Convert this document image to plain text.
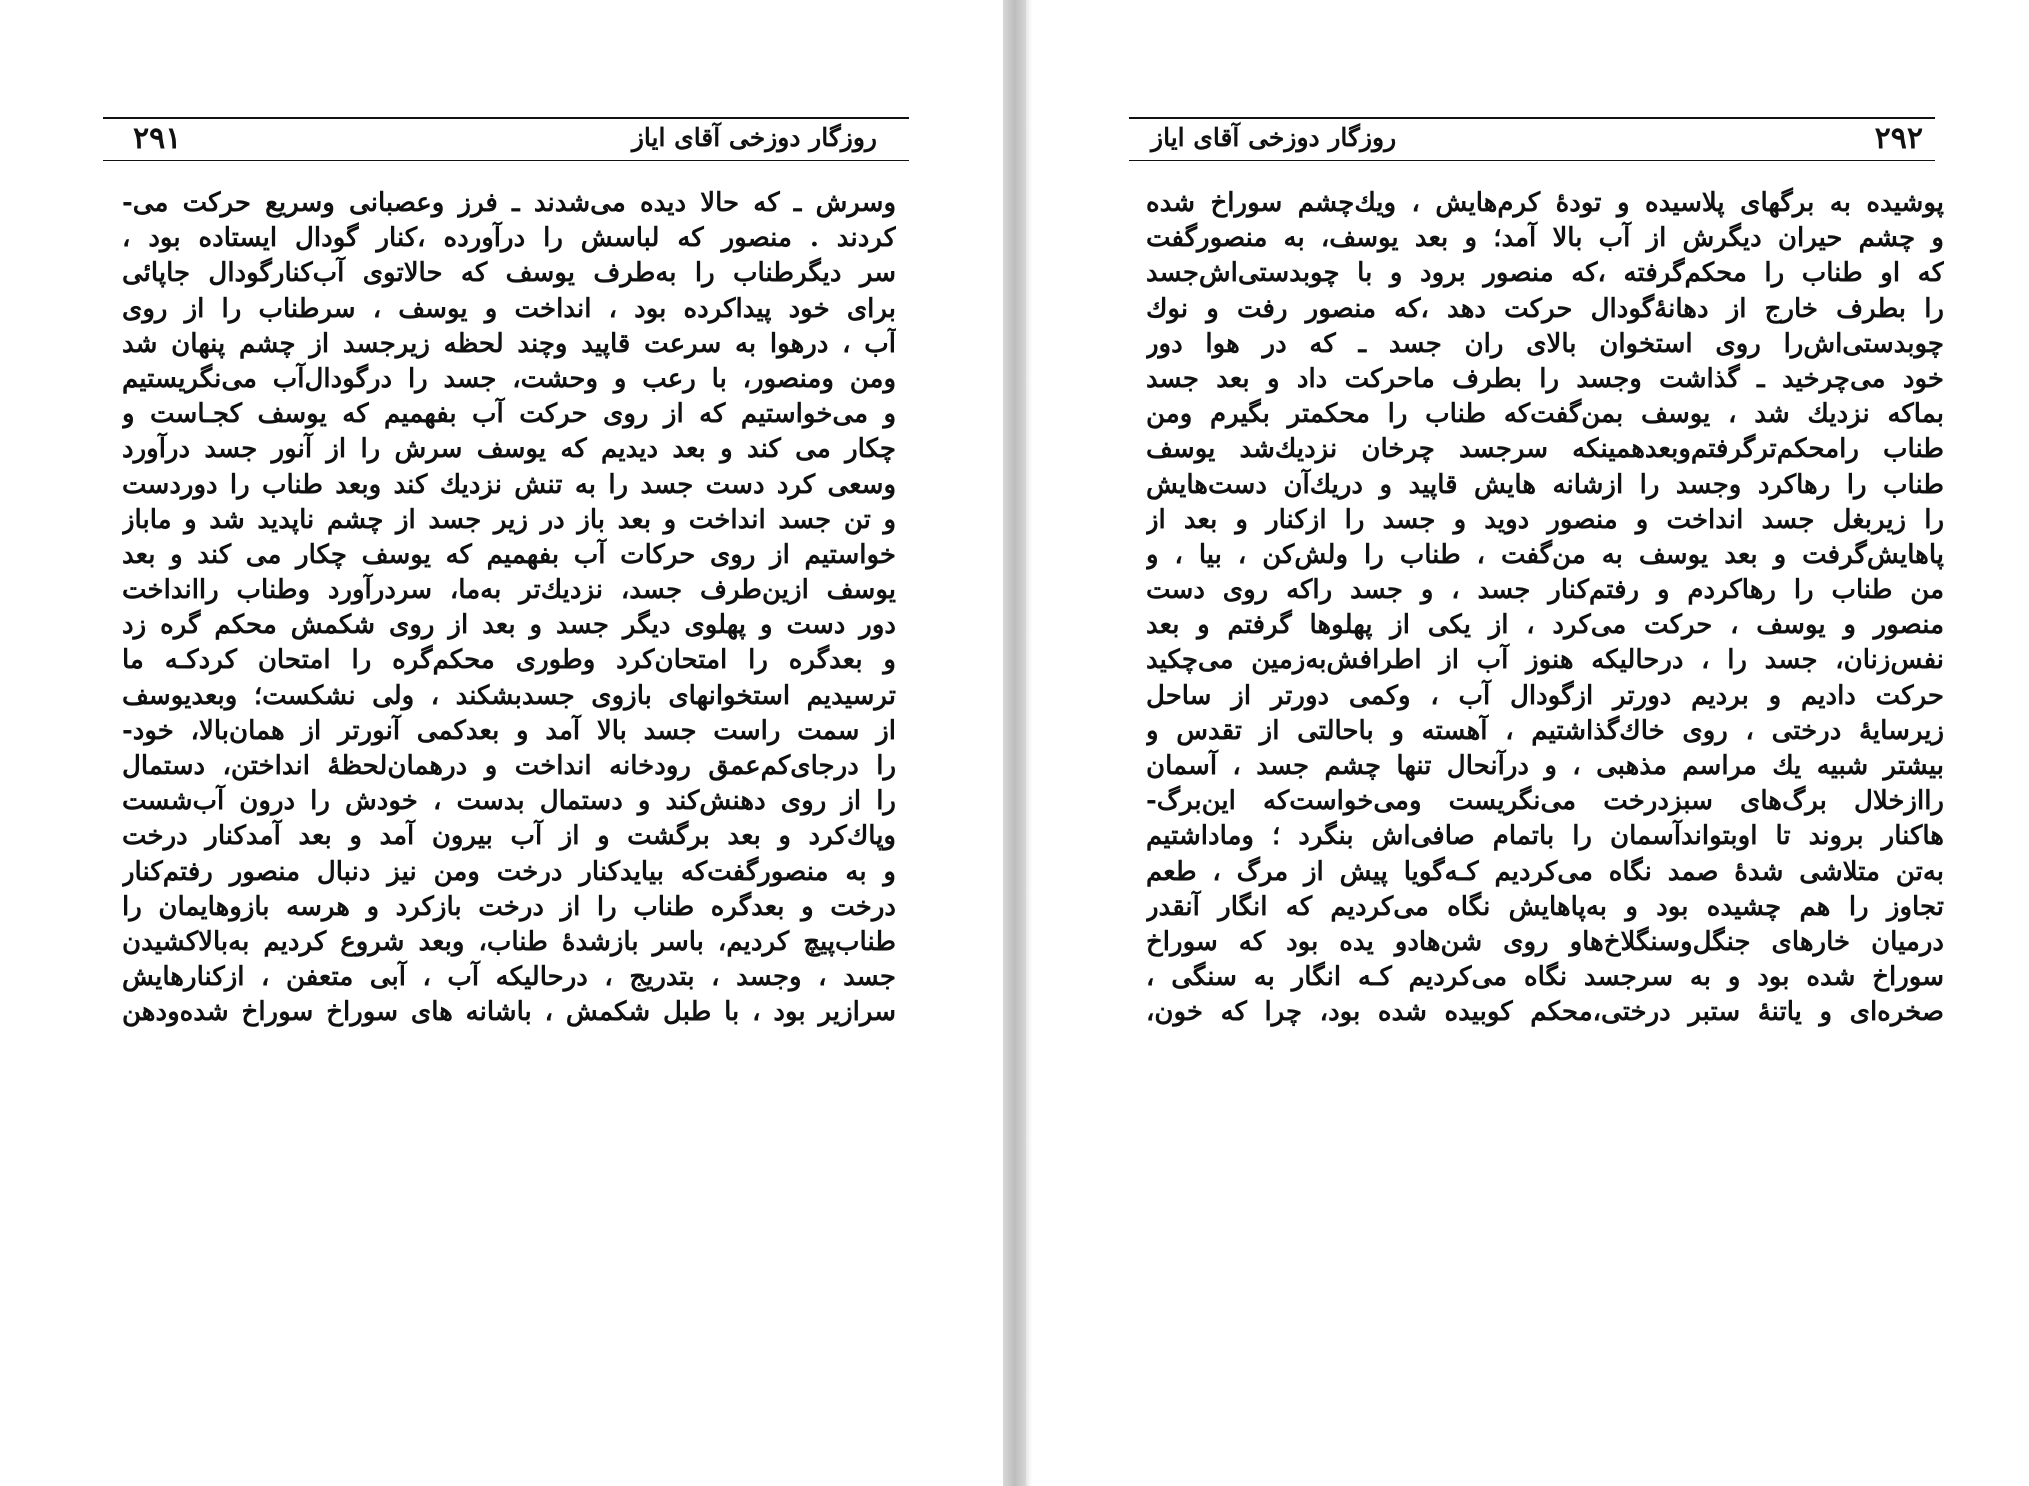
روزگار دوزخی آقای ایاز
۲۹۱
وسرش ـ که حالا دیده می‌شدند ـ فرز وعصبانی وسریع حرکت می-
کردند . منصور که لباسش را درآورده ،کنار گودال ایستاده بود ،
سر دیگرطناب را به‌طرف یوسف که حالاتوی آب‌کنارگودال جاپائی
برای خود پیداکرده بود ، انداخت و یوسف ، سرطناب را از روی
آب ، درهوا به سرعت قاپید وچند لحظه زیرجسد از چشم پنهان شد
ومن ومنصور، با رعب و وحشت، جسد را درگودال‌آب می‌نگریستیم
و می‌خواستیم که از روی حرکت آب بفهمیم که یوسف کجـاست و
چکار می کند و بعد دیدیم که یوسف سرش را از آنور جسد درآورد
وسعی کرد دست جسد را به تنش نزدیك کند وبعد طناب را دوردست
و تن جسد انداخت و بعد باز در زیر جسد از چشم ناپدید شد و ماباز
خواستیم از روی حرکات آب بفهمیم که یوسف چکار می کند و بعد
یوسف ازین‌طرف جسد، نزدیك‌تر به‌ما، سردرآورد وطناب راانداخت
دور دست و پهلوی دیگر جسد و بعد از روی شکمش محکم گره زد
و بعدگره را امتحان‌کرد وطوری محکم‌گره را امتحان کردکـه ما
ترسیدیم استخوانهای بازوی جسدبشکند ، ولی نشکست؛ وبعدیوسف
از سمت راست جسد بالا آمد و بعدکمی آنورتر از همان‌بالا، خود-
را درجای‌کم‌عمق رودخانه انداخت و درهمان‌لحظهٔ انداختن، دستمال
را از روی دهنش‌کند و دستمال بدست ، خودش را درون آب‌شست
وپاك‌کرد و بعد برگشت و از آب بیرون آمد و بعد آمدکنار درخت
و به منصورگفت‌که بیایدکنار درخت ومن نیز دنبال منصور رفتم‌کنار
درخت و بعدگره طناب را از درخت بازکرد و هرسه بازوهایمان را
طناب‌پیچ کردیم، باسر بازشدهٔ طناب، وبعد شروع کردیم به‌بالاکشیدن
جسد ، وجسد ، بتدریج ، درحالیکه آب ، آبی متعفن ، ازکنارهایش
سرازیر بود ، با طبل شکمش ، باشانه های سوراخ سوراخ شده‌ودهن
روزگار دوزخی آقای ایاز	۲۹۲
پوشیده به برگهای پلاسیده و تودهٔ کرم‌هایش ، ویك‌چشم سوراخ شده
و چشم حیران دیگرش از آب بالا آمد؛ و بعد یوسف، به منصورگفت
که او طناب را محکم‌گرفته ،که منصور برود و با چوبدستی‌اش‌جسد
را بطرف خارج از دهانهٔ‌گودال حرکت دهد ،که منصور رفت و نوك
چوبدستی‌اش‌را روی استخوان بالای ران جسد ـ که در هوا دور
خود می‌چرخید ـ گذاشت وجسد را بطرف ماحرکت داد و بعد جسد
بماکه نزدیك شد ، یوسف بمن‌گفت‌که طناب را محکمتر بگیرم ومن
طناب رامحکم‌ترگرفتم‌وبعدهمینکه سرجسد چرخان نزدیك‌شد یوسف
طناب را رهاکرد وجسد را ازشانه هایش قاپید و دریك‌آن دست‌هایش
را زیربغل جسد انداخت و منصور دوید و جسد را ازکنار و بعد از
پاهایش‌گرفت و بعد یوسف به من‌گفت ، طناب را ولش‌کن ، بیا ، و
من طناب را رهاکردم و رفتم‌کنار جسد ، و جسد راکه روی دست
منصور و یوسف ، حرکت می‌کرد ، از یکی از پهلوها گرفتم و بعد
نفس‌زنان، جسد را ، درحالیکه هنوز آب از اطرافش‌به‌زمین می‌چکید
حرکت دادیم و بردیم دورتر ازگودال آب ، وکمی دورتر از ساحل
زیرسایهٔ درختی ، روی خاك‌گذاشتیم ، آهسته و باحالتی از تقدس و
بیشتر شبیه یك مراسم مذهبی ، و درآنحال تنها چشم جسد ، آسمان
راازخلال برگ‌های سبزدرخت می‌نگریست ومی‌خواست‌که این‌برگ-
هاکنار بروند تا اوبتواندآسمان را باتمام صافی‌اش بنگرد ؛ وماداشتیم
به‌تن متلاشی شدهٔ صمد نگاه می‌کردیم کـه‌گویا پیش از مرگ ، طعم
تجاوز را هم چشیده بود و به‌پاهایش نگاه می‌کردیم که انگار آنقدر
درمیان خارهای جنگل‌وسنگلاخ‌هاو روی شن‌هادو یده بود که سوراخ
سوراخ شده بود و به سرجسد نگاه می‌کردیم کـه انگار به سنگی ،
صخره‌ای و یاتنهٔ ستبر درختی،محکم کوبیده شده بود، چرا که خون،
